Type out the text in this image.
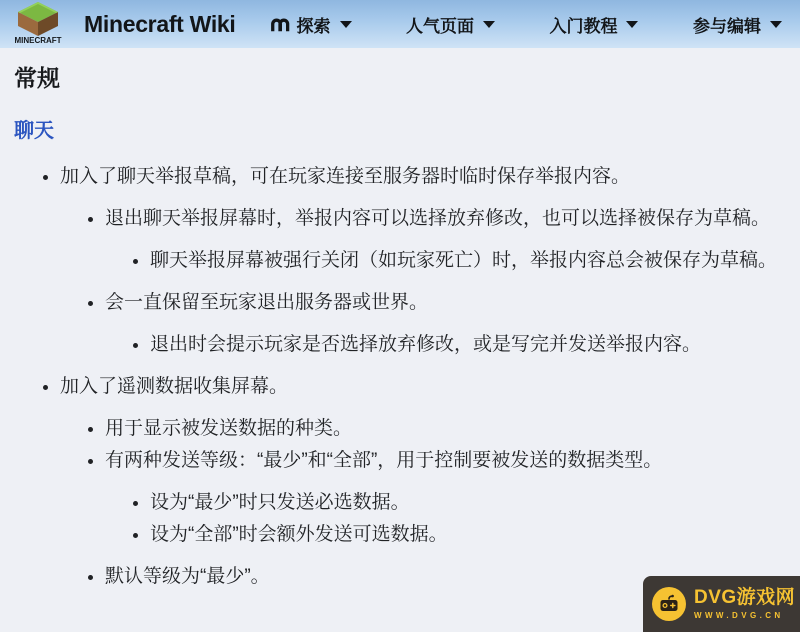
MINECRAFT
Minecraft Wiki	探索	人气页面	入门教程	参与编辑
常规
聊天
• 加入了聊天举报草稿，可在玩家连接至服务器时临时保存举报内容。
• 退出聊天举报屏幕时，举报内容可以选择放弃修改，也可以选择被保存为草稿。
• 聊天举报屏幕被强行关闭（如玩家死亡）时，举报内容总会被保存为草稿。
• 会一直保留至玩家退出服务器或世界。
• 退出时会提示玩家是否选择放弃修改，或是写完并发送举报内容。
• 加入了遥测数据收集屏幕。
• 用于显示被发送数据的种类。
• 有两种发送等级：“最少”和“全部”，用于控制要被发送的数据类型。
• 设为“最少”时只发送必选数据。
• 设为“全部”时会额外发送可选数据。
• 默认等级为“最少”。
DVG游戏网
WWW.DVG.CN
